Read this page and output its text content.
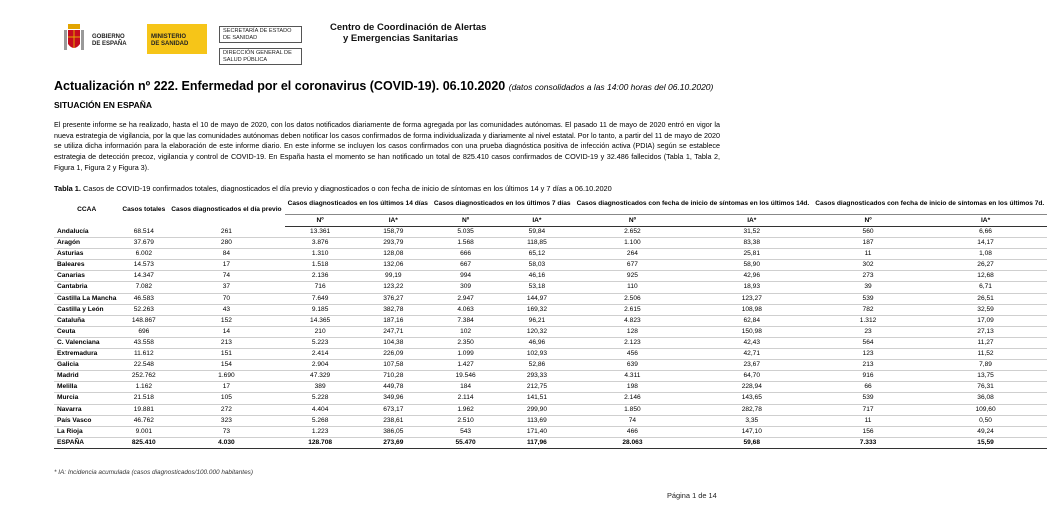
GOBIERNO
DE ESPAÑA
MINISTERIO
DE SANIDAD
SECRETARÍA DE ESTADO DE SANIDAD
DIRECCIÓN GENERAL DE SALUD PÚBLICA
Centro de Coordinación de Alertas
y Emergencias Sanitarias
Actualización nº 222. Enfermedad por el coronavirus (COVID-19). 06.10.2020 (datos consolidados a las 14:00 horas del 06.10.2020)
SITUACIÓN EN ESPAÑA
El presente informe se ha realizado, hasta el 10 de mayo de 2020, con los datos notificados diariamente de forma agregada por las comunidades autónomas. El pasado 11 de mayo de 2020 entró en vigor la nueva estrategia de vigilancia, por la que las comunidades autónomas deben notificar los casos confirmados de forma individualizada y diariamente al nivel estatal. Por lo tanto, a partir del 11 de mayo de 2020 se utiliza dicha información para la elaboración de este informe diario. En este informe se incluyen los casos confirmados con una prueba diagnóstica positiva de infección activa (PDIA) según se establece estrategia de detección precoz, vigilancia y control de COVID-19. En España hasta el momento se han notificado un total de 825.410 casos confirmados de COVID-19 y 32.486 fallecidos (Tabla 1, Tabla 2, Figura 1, Figura 2 y Figura 3).
Tabla 1. Casos de COVID-19 confirmados totales, diagnosticados el día previo y diagnosticados o con fecha de inicio de síntomas en los últimos 14 y 7 días a 06.10.2020
CCAA	Casos totales	Casos diagnosticados el día previo	Casos diagnosticados en los últimos 14 días		Casos diagnosticados en los últimos 7 días		Casos diagnosticados con fecha de inicio de síntomas en los últimos 14d.		Casos diagnosticados con fecha de inicio de síntomas en los últimos 7d.	
			Nº	IA*	Nº	IA*	Nº	IA*	Nº	IA*
Andalucía	68.514	261	13.361	158,79	5.035	59,84	2.652	31,52	560	6,66
Aragón	37.679	280	3.876	293,79	1.568	118,85	1.100	83,38	187	14,17
Asturias	6.002	84	1.310	128,08	666	65,12	264	25,81	11	1,08
Baleares	14.573	17	1.518	132,06	667	58,03	677	58,90	302	26,27
Canarias	14.347	74	2.136	99,19	994	46,16	925	42,96	273	12,68
Cantabria	7.082	37	716	123,22	309	53,18	110	18,93	39	6,71
Castilla La Mancha	46.583	70	7.649	376,27	2.947	144,97	2.506	123,27	539	26,51
Castilla y León	52.263	43	9.185	382,78	4.063	169,32	2.615	108,98	782	32,59
Cataluña	148.867	152	14.365	187,16	7.384	96,21	4.823	62,84	1.312	17,09
Ceuta	696	14	210	247,71	102	120,32	128	150,98	23	27,13
C. Valenciana	43.558	213	5.223	104,38	2.350	46,96	2.123	42,43	564	11,27
Extremadura	11.612	151	2.414	226,09	1.099	102,93	456	42,71	123	11,52
Galicia	22.548	154	2.904	107,58	1.427	52,86	639	23,67	213	7,89
Madrid	252.762	1.690	47.329	710,28	19.546	293,33	4.311	64,70	916	13,75
Melilla	1.162	17	389	449,78	184	212,75	198	228,94	66	76,31
Murcia	21.518	105	5.228	349,96	2.114	141,51	2.146	143,65	539	36,08
Navarra	19.881	272	4.404	673,17	1.962	299,90	1.850	282,78	717	109,60
País Vasco	46.762	323	5.268	238,61	2.510	113,69	74	3,35	11	0,50
La Rioja	9.001	73	1.223	386,05	543	171,40	466	147,10	156	49,24
ESPAÑA	825.410	4.030	128.708	273,69	55.470	117,96	28.063	59,68	7.333	15,59
* IA: Incidencia acumulada (casos diagnosticados/100.000 habitantes)
Página 1 de 14
